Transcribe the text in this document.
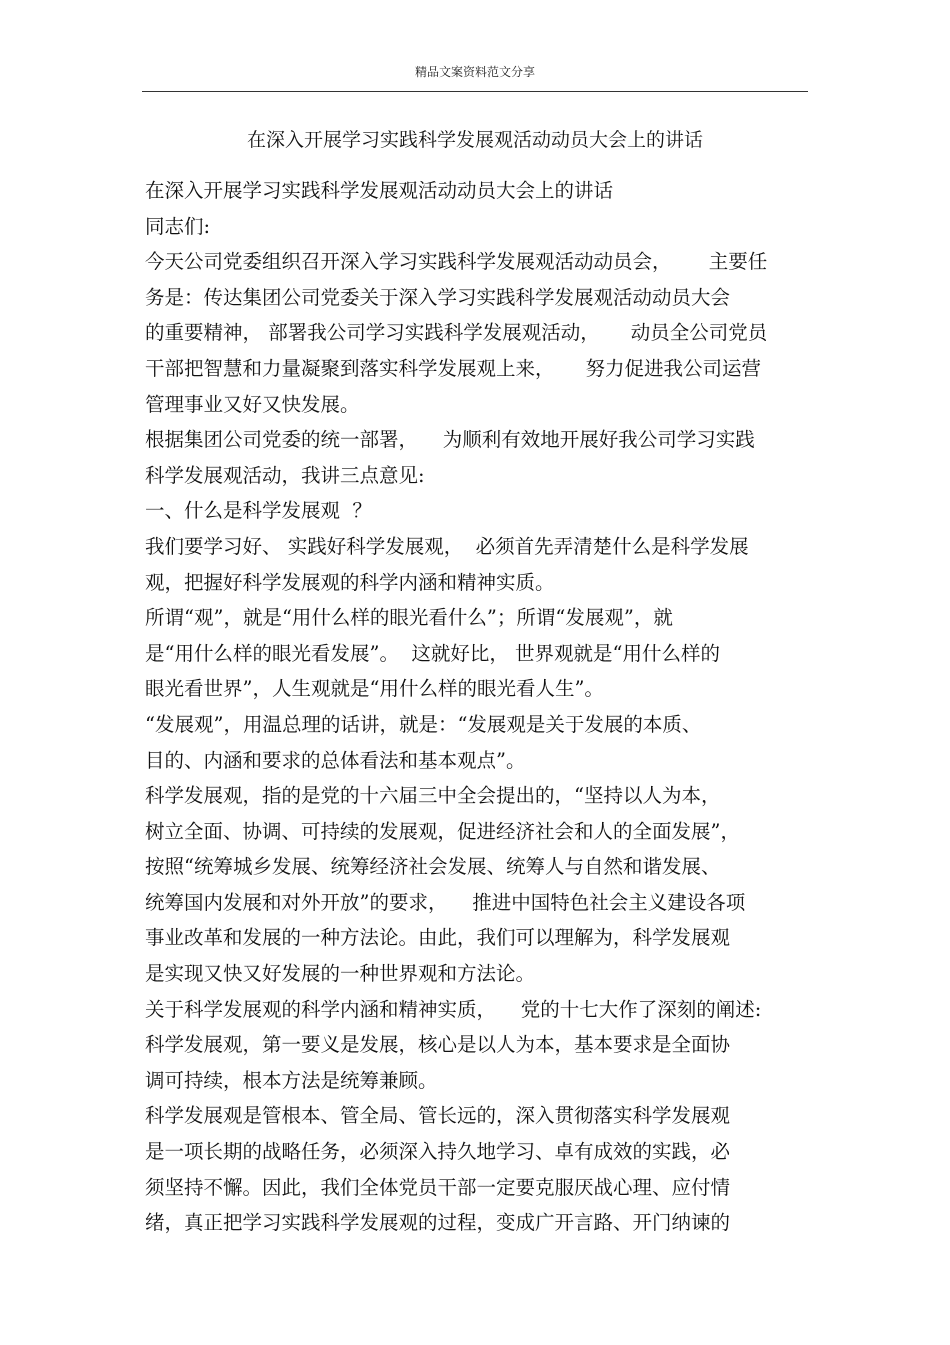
精品文案资料范文分享
在深入开展学习实践科学发展观活动动员大会上的讲话
在深入开展学习实践科学发展观活动动员大会上的讲话
同志们:
今天公司党委组织召开深入学习实践科学发展观活动动员会，      主要任
务是：传达集团公司党委关于深入学习实践科学发展观活动动员大会
的重要精神， 部署我公司学习实践科学发展观活动，     动员全公司党员
干部把智慧和力量凝聚到落实科学发展观上来，     努力促进我公司运营
管理事业又好又快发展。
根据集团公司党委的统一部署，    为顺利有效地开展好我公司学习实践
科学发展观活动，我讲三点意见:
一、什么是科学发展观  ？
我们要学习好、 实践好科学发展观，  必须首先弄清楚什么是科学发展
观，把握好科学发展观的科学内涵和精神实质。
所谓“观”，就是“用什么样的眼光看什么”；所谓“发展观”，就
是“用什么样的眼光看发展”。  这就好比， 世界观就是“用什么样的
眼光看世界”，人生观就是“用什么样的眼光看人生”。
“发展观”，用温总理的话讲，就是：“发展观是关于发展的本质、
目的、内涵和要求的总体看法和基本观点”。
科学发展观，指的是党的十六届三中全会提出的，“坚持以人为本，
树立全面、协调、可持续的发展观，促进经济社会和人的全面发展”，
按照“统筹城乡发展、统筹经济社会发展、统筹人与自然和谐发展、
统筹国内发展和对外开放”的要求，    推进中国特色社会主义建设各项
事业改革和发展的一种方法论。由此，我们可以理解为，科学发展观
是实现又快又好发展的一种世界观和方法论。
关于科学发展观的科学内涵和精神实质，    党的十七大作了深刻的阐述:
科学发展观，第一要义是发展，核心是以人为本，基本要求是全面协
调可持续，根本方法是统筹兼顾。
科学发展观是管根本、管全局、管长远的，深入贯彻落实科学发展观
是一项长期的战略任务，必须深入持久地学习、卓有成效的实践，必
须坚持不懈。因此，我们全体党员干部一定要克服厌战心理、应付情
绪，真正把学习实践科学发展观的过程，变成广开言路、开门纳谏的
